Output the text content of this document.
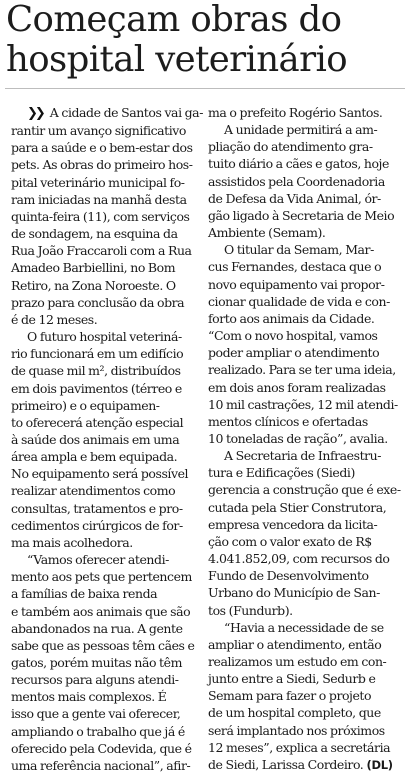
Começam obras do
hospital veterinário

❯❯ A cidade de Santos vai ga-
rantir um avanço significativo
para a saúde e o bem-estar dos
pets. As obras do primeiro hos-
pital veterinário municipal fo-
ram iniciadas na manhã desta
quinta-feira (11), com serviços
de sondagem, na esquina da
Rua João Fraccaroli com a Rua
Amadeo Barbiellini, no Bom
Retiro, na Zona Noroeste. O
prazo para conclusão da obra
é de 12 meses.

O futuro hospital veteriná-
rio funcionará em um edifício
de quase mil m², distribuídos
em dois pavimentos (térreo e
primeiro) e o equipamen-
to oferecerá atenção especial
à saúde dos animais em uma
área ampla e bem equipada.
No equipamento será possível
realizar atendimentos como
consultas, tratamentos e pro-
cedimentos cirúrgicos de for-
ma mais acolhedora.

“Vamos oferecer atendi-
mento aos pets que pertencem
a famílias de baixa renda
e também aos animais que são
abandonados na rua. A gente
sabe que as pessoas têm cães e
gatos, porém muitas não têm
recursos para alguns atendi-
mentos mais complexos. É
isso que a gente vai oferecer,
ampliando o trabalho que já é
oferecido pela Codevida, que é
uma referência nacional”, afir-

ma o prefeito Rogério Santos.

A unidade permitirá a am-
pliação do atendimento gra-
tuito diário a cães e gatos, hoje
assistidos pela Coordenadoria
de Defesa da Vida Animal, ór-
gão ligado à Secretaria de Meio
Ambiente (Semam).

O titular da Semam, Mar-
cus Fernandes, destaca que o
novo equipamento vai propor-
cionar qualidade de vida e con-
forto aos animais da Cidade.
“Com o novo hospital, vamos
poder ampliar o atendimento
realizado. Para se ter uma ideia,
em dois anos foram realizadas
10 mil castrações, 12 mil atendi-
mentos clínicos e ofertadas
10 toneladas de ração”, avalia.

A Secretaria de Infraestru-
tura e Edificações (Siedi)
gerencia a construção que é exe-
cutada pela Stier Construtora,
empresa vencedora da licita-
ção com o valor exato de R$
4.041.852,09, com recursos do
Fundo de Desenvolvimento
Urbano do Município de San-
tos (Fundurb).

“Havia a necessidade de se
ampliar o atendimento, então
realizamos um estudo em con-
junto entre a Siedi, Sedurb e
Semam para fazer o projeto
de um hospital completo, que
será implantado nos próximos
12 meses”, explica a secretária
de Siedi, Larissa Cordeiro. (DL)
